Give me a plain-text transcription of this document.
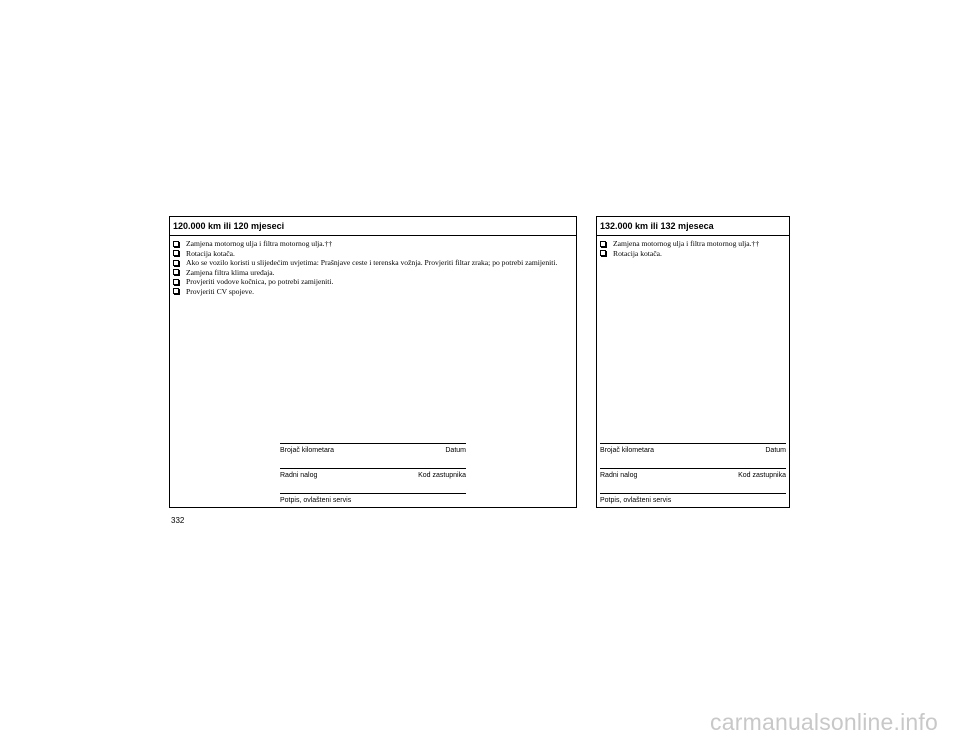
120.000 km ili 120 mjeseci
Zamjena motornog ulja i filtra motornog ulja.††
Rotacija kotača.
Ako se vozilo koristi u slijedećim uvjetima: Prašnjave ceste i terenska vožnja. Provjeriti filtar zraka; po potrebi zamijeniti.
Zamjena filtra klima uređaja.
Provjeriti vodove kočnica, po potrebi zamijeniti.
Provjeriti CV spojeve.
Brojač kilometara	Datum
Radni nalog	Kod zastupnika
Potpis, ovlašteni servis
132.000 km ili 132 mjeseca
Zamjena motornog ulja i filtra motornog ulja.††
Rotacija kotača.
Brojač kilometara	Datum
Radni nalog	Kod zastupnika
Potpis, ovlašteni servis
332
carmanualsonline.info
